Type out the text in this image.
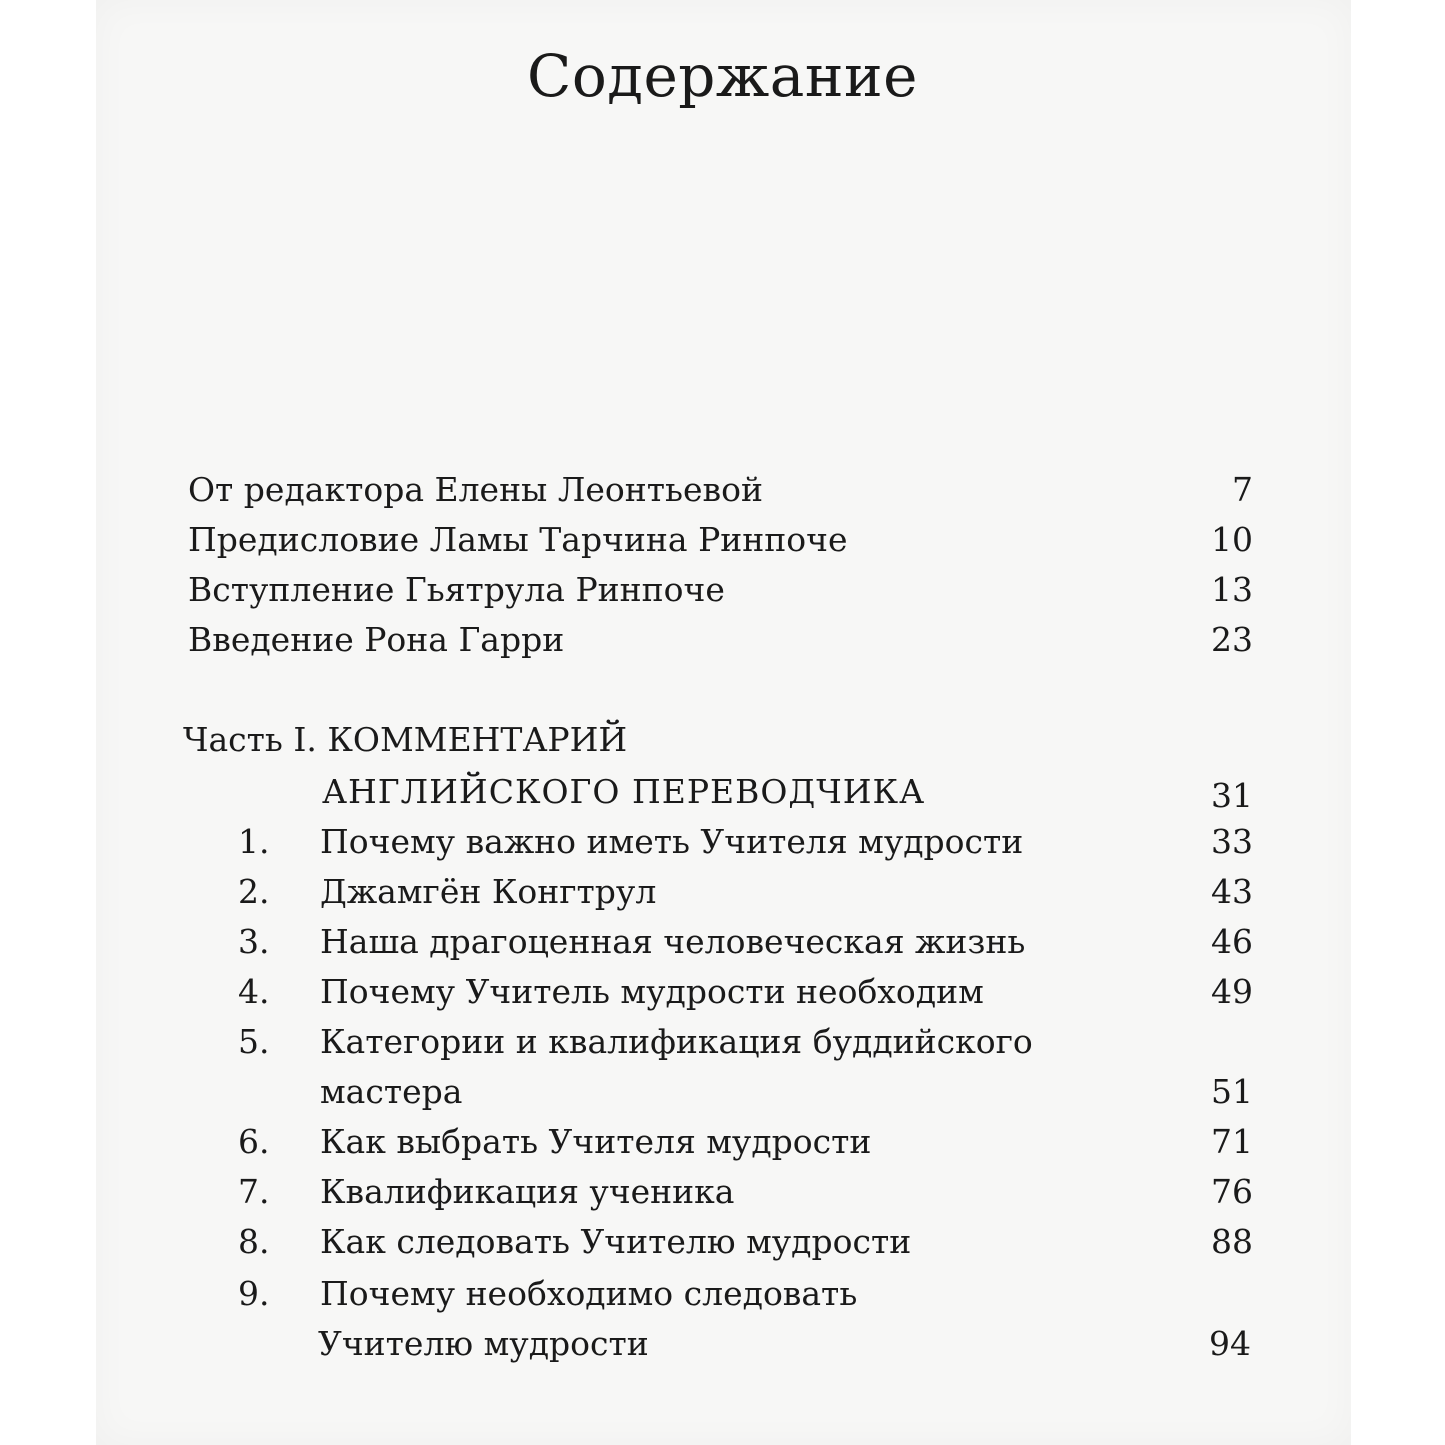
Содержание
От редактора Елены Леонтьевой	7
Предисловие Ламы Тарчина Ринпоче	10
Вступление Гьятрула Ринпоче	13
Введение Рона Гарри	23
Часть I. КОММЕНТАРИЙ
АНГЛИЙСКОГО ПЕРЕВОДЧИКА	31
1. Почему важно иметь Учителя мудрости	33
2. Джамгён Конгтрул	43
3. Наша драгоценная человеческая жизнь	46
4. Почему Учитель мудрости необходим	49
5. Категории и квалификация буддийского
мастера	51
6. Как выбрать Учителя мудрости	71
7. Квалификация ученика	76
8. Как следовать Учителю мудрости	88
9. Почему необходимо следовать
Учителю мудрости	94
